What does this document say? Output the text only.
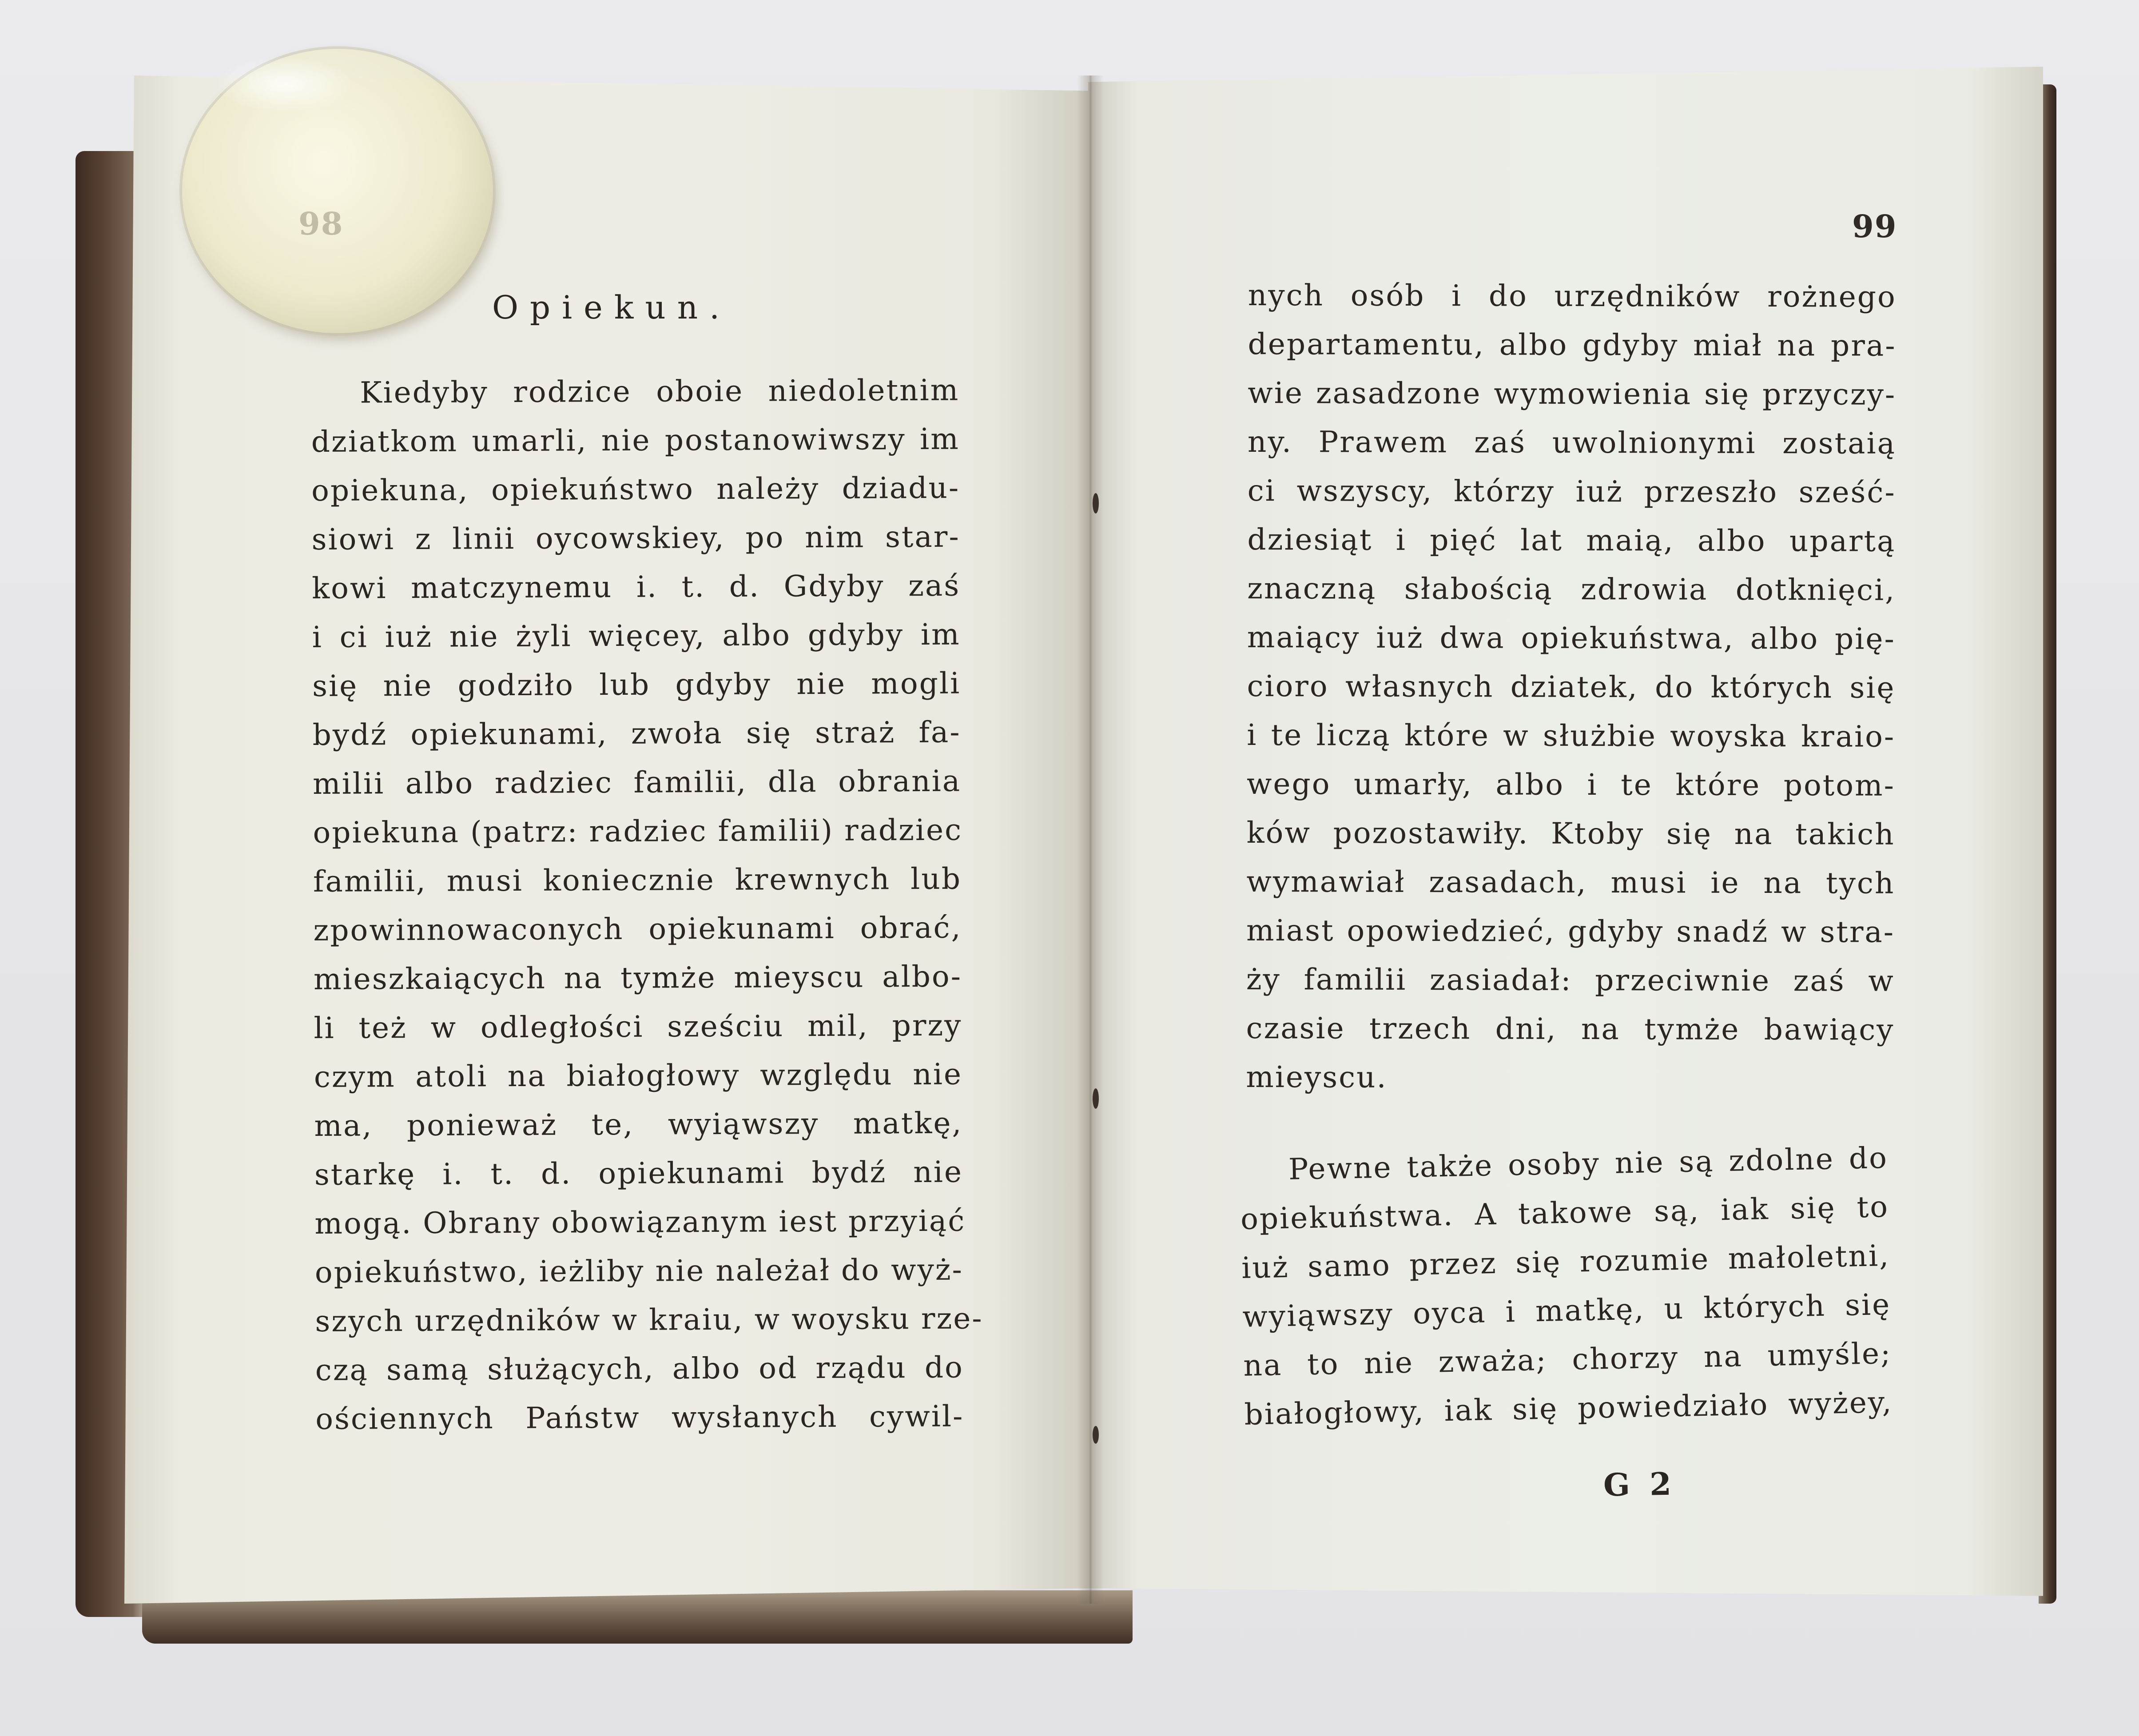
Opiekun.
Kiedyby rodzice oboie niedoletnim
dziatkom umarli, nie postanowiwszy im
opiekuna, opiekuństwo należy dziadu-
siowi z linii oycowskiey, po nim star-
kowi matczynemu i. t. d. Gdyby zaś
i ci iuż nie żyli więcey, albo gdyby im
się nie godziło lub gdyby nie mogli
bydź opiekunami, zwoła się straż fa-
milii albo radziec familii, dla obrania
opiekuna (patrz: radziec familii) radziec
familii, musi koniecznie krewnych lub
zpowinnowaconych opiekunami obrać,
mieszkaiących na tymże mieyscu albo-
li też w odległości sześciu mil, przy
czym atoli na białogłowy względu nie
ma, ponieważ te, wyiąwszy matkę,
starkę i. t. d. opiekunami bydź nie
mogą. Obrany obowiązanym iest przyiąć
opiekuństwo, ieżliby nie należał do wyż-
szych urzędników w kraiu, w woysku rze-
czą samą służących, albo od rządu do
ościennych Państw wysłanych cywil-
99
nych osób i do urzędników rożnego
departamentu, albo gdyby miał na pra-
wie zasadzone wymowienia się przyczy-
ny. Prawem zaś uwolnionymi zostaią
ci wszyscy, którzy iuż przeszło sześć-
dziesiąt i pięć lat maią, albo upartą
znaczną słabością zdrowia dotknięci,
maiący iuż dwa opiekuństwa, albo pię-
cioro własnych dziatek, do których się
i te liczą które w służbie woyska kraio-
wego umarły, albo i te które potom-
ków pozostawiły. Ktoby się na takich
wymawiał zasadach, musi ie na tych
miast opowiedzieć, gdyby snadź w stra-
ży familii zasiadał: przeciwnie zaś w
czasie trzech dni, na tymże bawiący
mieyscu.
Pewne także osoby nie są zdolne do
opiekuństwa. A takowe są, iak się to
iuż samo przez się rozumie małoletni,
wyiąwszy oyca i matkę, u których się
na to nie zważa; chorzy na umyśle;
białogłowy, iak się powiedziało wyżey,
G 2
